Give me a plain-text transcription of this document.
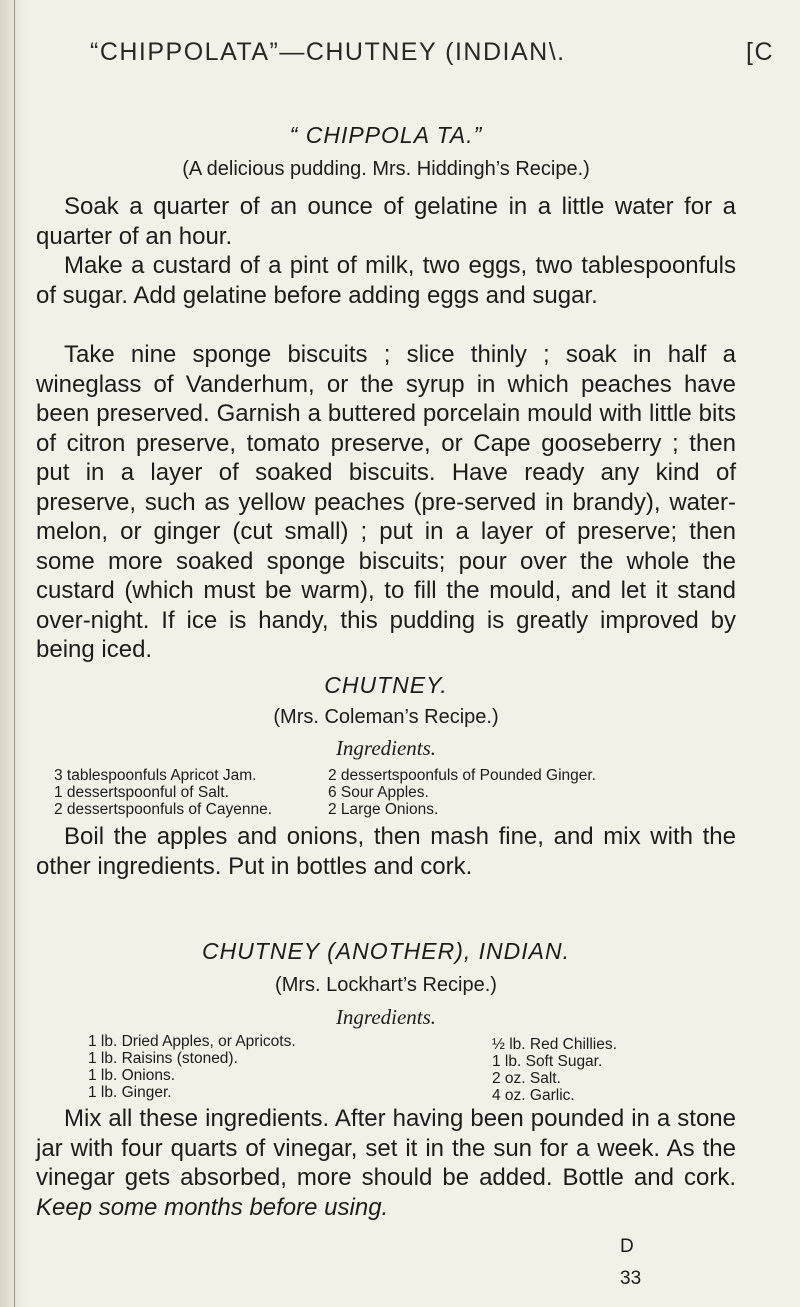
“CHIPPOLATA”—CHUTNEY (INDIAN\.	[C
“ CHIPPOLA TA.”
(A delicious pudding. Mrs. Hiddingh’s Recipe.)
Soak a quarter of an ounce of gelatine in a little water for a quarter of an hour.
Make a custard of a pint of milk, two eggs, two tablespoonfuls of sugar. Add gelatine before adding eggs and sugar.
Take nine sponge biscuits ; slice thinly ; soak in half a wineglass of Vanderhum, or the syrup in which peaches have been preserved. Garnish a buttered porcelain mould with little bits of citron preserve, tomato preserve, or Cape gooseberry ; then put in a layer of soaked biscuits. Have ready any kind of preserve, such as yellow peaches (pre-served in brandy), water-melon, or ginger (cut small) ; put in a layer of preserve; then some more soaked sponge biscuits; pour over the whole the custard (which must be warm), to fill the mould, and let it stand over-night. If ice is handy, this pudding is greatly improved by being iced.
CHUTNEY.
(Mrs. Coleman’s Recipe.)
Ingredients.
3 tablespoonfuls Apricot Jam.
1 dessertspoonful of Salt.
2 dessertspoonfuls of Cayenne.
2 dessertspoonfuls of Pounded Ginger.
6 Sour Apples.
2 Large Onions.
Boil the apples and onions, then mash fine, and mix with the other ingredients. Put in bottles and cork.
CHUTNEY (ANOTHER), INDIAN.
(Mrs. Lockhart’s Recipe.)
Ingredients.
1 lb. Dried Apples, or Apricots.
1 lb. Raisins (stoned).
1 lb. Onions.
1 lb. Ginger.
½ lb. Red Chillies.
1 lb. Soft Sugar.
2 oz. Salt.
4 oz. Garlic.
Mix all these ingredients. After having been pounded in a stone jar with four quarts of vinegar, set it in the sun for a week. As the vinegar gets absorbed, more should be added. Bottle and cork. Keep some months before using.
D
33
